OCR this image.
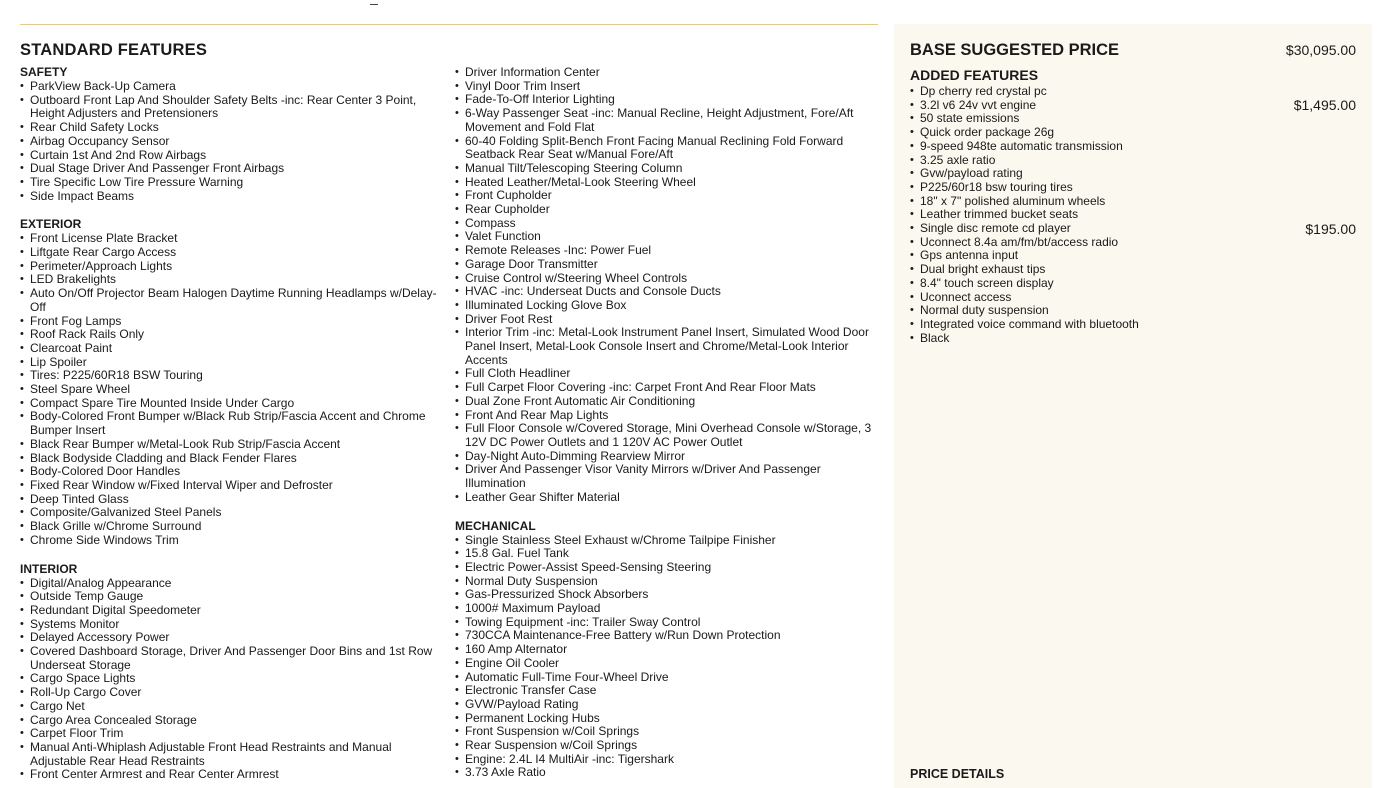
STANDARD FEATURES
SAFETY
• ParkView Back-Up Camera
• Outboard Front Lap And Shoulder Safety Belts -inc: Rear Center 3 Point, Height Adjusters and Pretensioners
• Rear Child Safety Locks
• Airbag Occupancy Sensor
• Curtain 1st And 2nd Row Airbags
• Dual Stage Driver And Passenger Front Airbags
• Tire Specific Low Tire Pressure Warning
• Side Impact Beams
EXTERIOR
• Front License Plate Bracket
• Liftgate Rear Cargo Access
• Perimeter/Approach Lights
• LED Brakelights
• Auto On/Off Projector Beam Halogen Daytime Running Headlamps w/Delay-Off
• Front Fog Lamps
• Roof Rack Rails Only
• Clearcoat Paint
• Lip Spoiler
• Tires: P225/60R18 BSW Touring
• Steel Spare Wheel
• Compact Spare Tire Mounted Inside Under Cargo
• Body-Colored Front Bumper w/Black Rub Strip/Fascia Accent and Chrome Bumper Insert
• Black Rear Bumper w/Metal-Look Rub Strip/Fascia Accent
• Black Bodyside Cladding and Black Fender Flares
• Body-Colored Door Handles
• Fixed Rear Window w/Fixed Interval Wiper and Defroster
• Deep Tinted Glass
• Composite/Galvanized Steel Panels
• Black Grille w/Chrome Surround
• Chrome Side Windows Trim
INTERIOR
• Digital/Analog Appearance
• Outside Temp Gauge
• Redundant Digital Speedometer
• Systems Monitor
• Delayed Accessory Power
• Covered Dashboard Storage, Driver And Passenger Door Bins and 1st Row Underseat Storage
• Cargo Space Lights
• Roll-Up Cargo Cover
• Cargo Net
• Cargo Area Concealed Storage
• Carpet Floor Trim
• Manual Anti-Whiplash Adjustable Front Head Restraints and Manual Adjustable Rear Head Restraints
• Front Center Armrest and Rear Center Armrest
• Driver Information Center
• Vinyl Door Trim Insert
• Fade-To-Off Interior Lighting
• 6-Way Passenger Seat -inc: Manual Recline, Height Adjustment, Fore/Aft Movement and Fold Flat
• 60-40 Folding Split-Bench Front Facing Manual Reclining Fold Forward Seatback Rear Seat w/Manual Fore/Aft
• Manual Tilt/Telescoping Steering Column
• Heated Leather/Metal-Look Steering Wheel
• Front Cupholder
• Rear Cupholder
• Compass
• Valet Function
• Remote Releases -Inc: Power Fuel
• Garage Door Transmitter
• Cruise Control w/Steering Wheel Controls
• HVAC -inc: Underseat Ducts and Console Ducts
• Illuminated Locking Glove Box
• Driver Foot Rest
• Interior Trim -inc: Metal-Look Instrument Panel Insert, Simulated Wood Door Panel Insert, Metal-Look Console Insert and Chrome/Metal-Look Interior Accents
• Full Cloth Headliner
• Full Carpet Floor Covering -inc: Carpet Front And Rear Floor Mats
• Dual Zone Front Automatic Air Conditioning
• Front And Rear Map Lights
• Full Floor Console w/Covered Storage, Mini Overhead Console w/Storage, 3 12V DC Power Outlets and 1 120V AC Power Outlet
• Day-Night Auto-Dimming Rearview Mirror
• Driver And Passenger Visor Vanity Mirrors w/Driver And Passenger Illumination
• Leather Gear Shifter Material
MECHANICAL
• Single Stainless Steel Exhaust w/Chrome Tailpipe Finisher
• 15.8 Gal. Fuel Tank
• Electric Power-Assist Speed-Sensing Steering
• Normal Duty Suspension
• Gas-Pressurized Shock Absorbers
• 1000# Maximum Payload
• Towing Equipment -inc: Trailer Sway Control
• 730CCA Maintenance-Free Battery w/Run Down Protection
• 160 Amp Alternator
• Engine Oil Cooler
• Automatic Full-Time Four-Wheel Drive
• Electronic Transfer Case
• GVW/Payload Rating
• Permanent Locking Hubs
• Front Suspension w/Coil Springs
• Rear Suspension w/Coil Springs
• Engine: 2.4L I4 MultiAir -inc: Tigershark
• 3.73 Axle Ratio
BASE SUGGESTED PRICE	$30,095.00
ADDED FEATURES
• Dp cherry red crystal pc
• 3.2l v6 24v vvt engine
• 50 state emissions
• Quick order package 26g
• 9-speed 948te automatic transmission
• 3.25 axle ratio
• Gvw/payload rating
• P225/60r18 bsw touring tires
• 18" x 7" polished aluminum wheels
• Leather trimmed bucket seats
• Single disc remote cd player
• Uconnect 8.4a am/fm/bt/access radio
• Gps antenna input
• Dual bright exhaust tips
• 8.4" touch screen display
• Uconnect access
• Normal duty suspension
• Integrated voice command with bluetooth
• Black
$1,495.00
$195.00
PRICE DETAILS
